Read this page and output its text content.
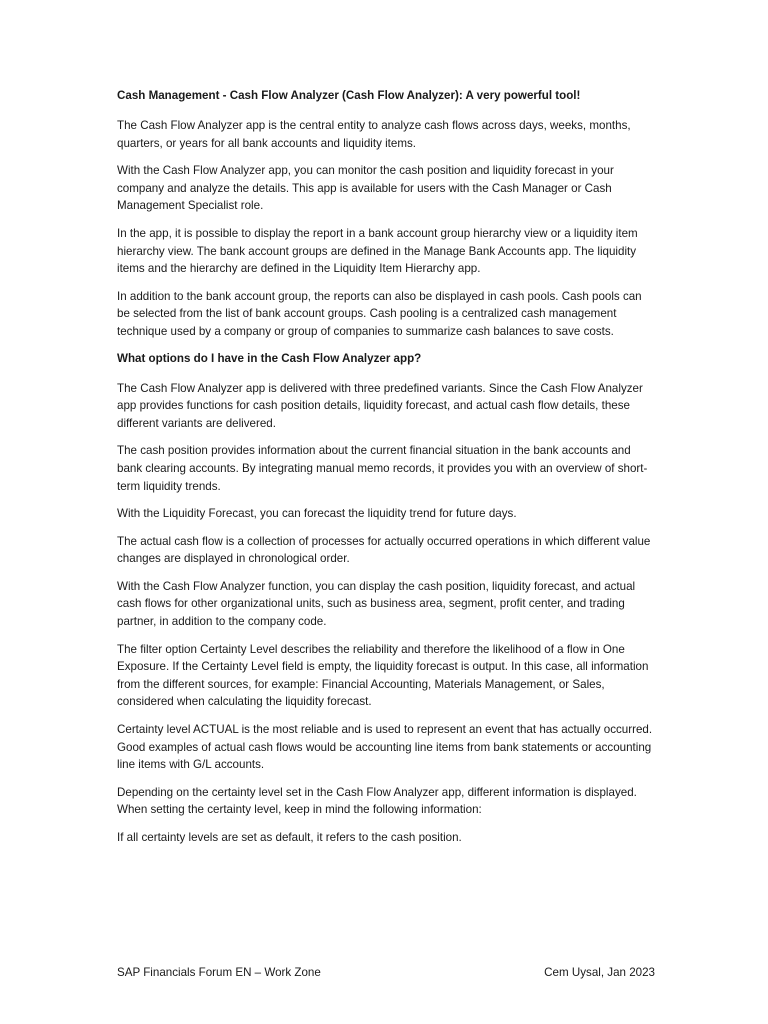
Cash Management - Cash Flow Analyzer (Cash Flow Analyzer): A very powerful tool!

The Cash Flow Analyzer app is the central entity to analyze cash flows across days, weeks, months, quarters, or years for all bank accounts and liquidity items.

With the Cash Flow Analyzer app, you can monitor the cash position and liquidity forecast in your company and analyze the details. This app is available for users with the Cash Manager or Cash Management Specialist role.

In the app, it is possible to display the report in a bank account group hierarchy view or a liquidity item hierarchy view. The bank account groups are defined in the Manage Bank Accounts app. The liquidity items and the hierarchy are defined in the Liquidity Item Hierarchy app.

In addition to the bank account group, the reports can also be displayed in cash pools. Cash pools can be selected from the list of bank account groups. Cash pooling is a centralized cash management technique used by a company or group of companies to summarize cash balances to save costs.

What options do I have in the Cash Flow Analyzer app?

The Cash Flow Analyzer app is delivered with three predefined variants. Since the Cash Flow Analyzer app provides functions for cash position details, liquidity forecast, and actual cash flow details, these different variants are delivered.

The cash position provides information about the current financial situation in the bank accounts and bank clearing accounts. By integrating manual memo records, it provides you with an overview of short-term liquidity trends.

With the Liquidity Forecast, you can forecast the liquidity trend for future days.

The actual cash flow is a collection of processes for actually occurred operations in which different value changes are displayed in chronological order.

With the Cash Flow Analyzer function, you can display the cash position, liquidity forecast, and actual cash flows for other organizational units, such as business area, segment, profit center, and trading partner, in addition to the company code.

The filter option Certainty Level describes the reliability and therefore the likelihood of a flow in One Exposure. If the Certainty Level field is empty, the liquidity forecast is output. In this case, all information from the different sources, for example: Financial Accounting, Materials Management, or Sales, considered when calculating the liquidity forecast.

Certainty level ACTUAL is the most reliable and is used to represent an event that has actually occurred. Good examples of actual cash flows would be accounting line items from bank statements or accounting line items with G/L accounts.

Depending on the certainty level set in the Cash Flow Analyzer app, different information is displayed. When setting the certainty level, keep in mind the following information:

If all certainty levels are set as default, it refers to the cash position.

SAP Financials Forum EN – Work Zone	Cem Uysal, Jan 2023
